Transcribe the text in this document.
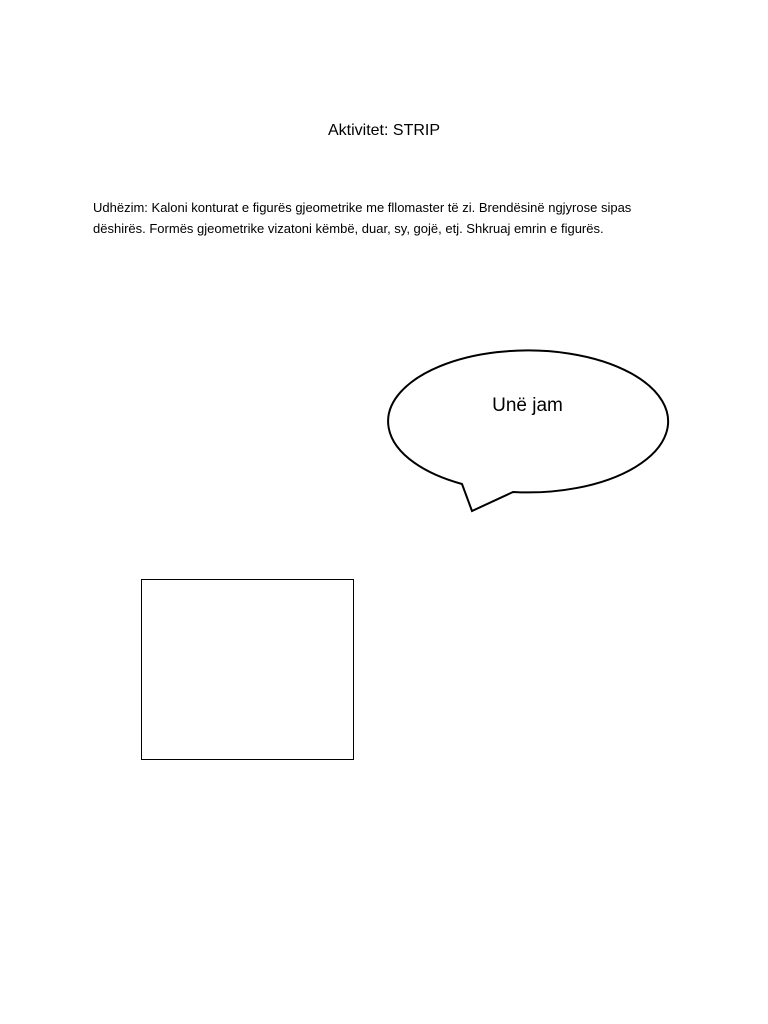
Aktivitet: STRIP
Udhëzim: Kaloni konturat e figurës gjeometrike me fllomaster të zi. Brendësinë ngjyrose sipas dëshirës. Formës gjeometrike vizatoni këmbë, duar, sy, gojë, etj. Shkruaj emrin e figurës.
Unë jam
